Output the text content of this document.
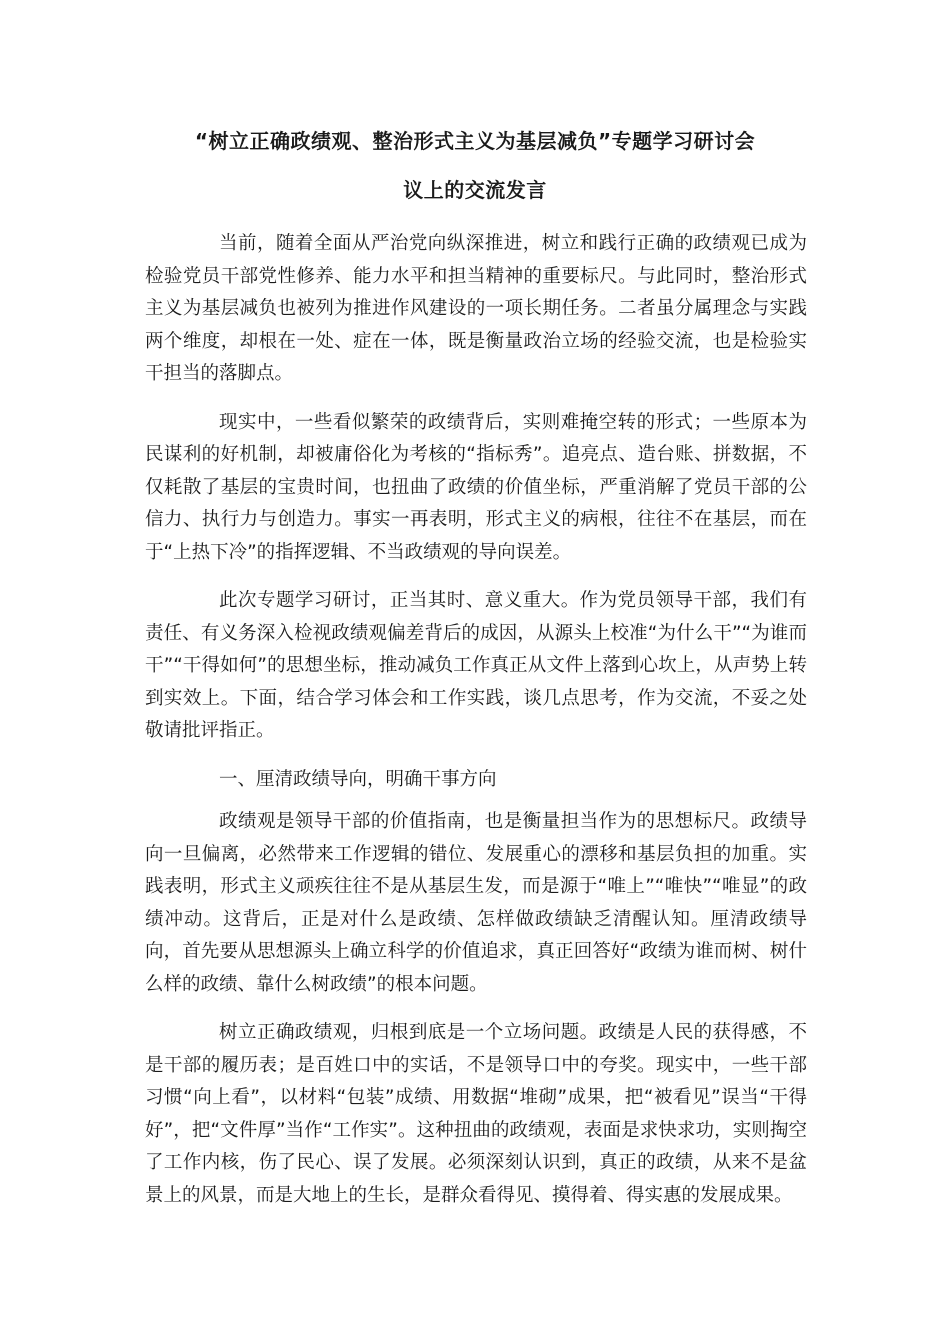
“树立正确政绩观、整治形式主义为基层减负”专题学习研讨会
议上的交流发言

当前，随着全面从严治党向纵深推进，树立和践行正确的政绩观已成为检验党员干部党性修养、能力水平和担当精神的重要标尺。与此同时，整治形式主义为基层减负也被列为推进作风建设的一项长期任务。二者虽分属理念与实践两个维度，却根在一处、症在一体，既是衡量政治立场的经验交流，也是检验实干担当的落脚点。

现实中，一些看似繁荣的政绩背后，实则难掩空转的形式；一些原本为民谋利的好机制，却被庸俗化为考核的“指标秀”。追亮点、造台账、拼数据，不仅耗散了基层的宝贵时间，也扭曲了政绩的价值坐标，严重消解了党员干部的公信力、执行力与创造力。事实一再表明，形式主义的病根，往往不在基层，而在于“上热下冷”的指挥逻辑、不当政绩观的导向误差。

此次专题学习研讨，正当其时、意义重大。作为党员领导干部，我们有责任、有义务深入检视政绩观偏差背后的成因，从源头上校准“为什么干”“为谁而干”“干得如何”的思想坐标，推动减负工作真正从文件上落到心坎上，从声势上转到实效上。下面，结合学习体会和工作实践，谈几点思考，作为交流，不妥之处敬请批评指正。

一、厘清政绩导向，明确干事方向

政绩观是领导干部的价值指南，也是衡量担当作为的思想标尺。政绩导向一旦偏离，必然带来工作逻辑的错位、发展重心的漂移和基层负担的加重。实践表明，形式主义顽疾往往不是从基层生发，而是源于“唯上”“唯快”“唯显”的政绩冲动。这背后，正是对什么是政绩、怎样做政绩缺乏清醒认知。厘清政绩导向，首先要从思想源头上确立科学的价值追求，真正回答好“政绩为谁而树、树什么样的政绩、靠什么树政绩”的根本问题。

树立正确政绩观，归根到底是一个立场问题。政绩是人民的获得感，不是干部的履历表；是百姓口中的实话，不是领导口中的夸奖。现实中，一些干部习惯“向上看”，以材料“包装”成绩、用数据“堆砌”成果，把“被看见”误当“干得好”，把“文件厚”当作“工作实”。这种扭曲的政绩观，表面是求快求功，实则掏空了工作内核，伤了民心、误了发展。必须深刻认识到，真正的政绩，从来不是盆景上的风景，而是大地上的生长，是群众看得见、摸得着、得实惠的发展成果。
